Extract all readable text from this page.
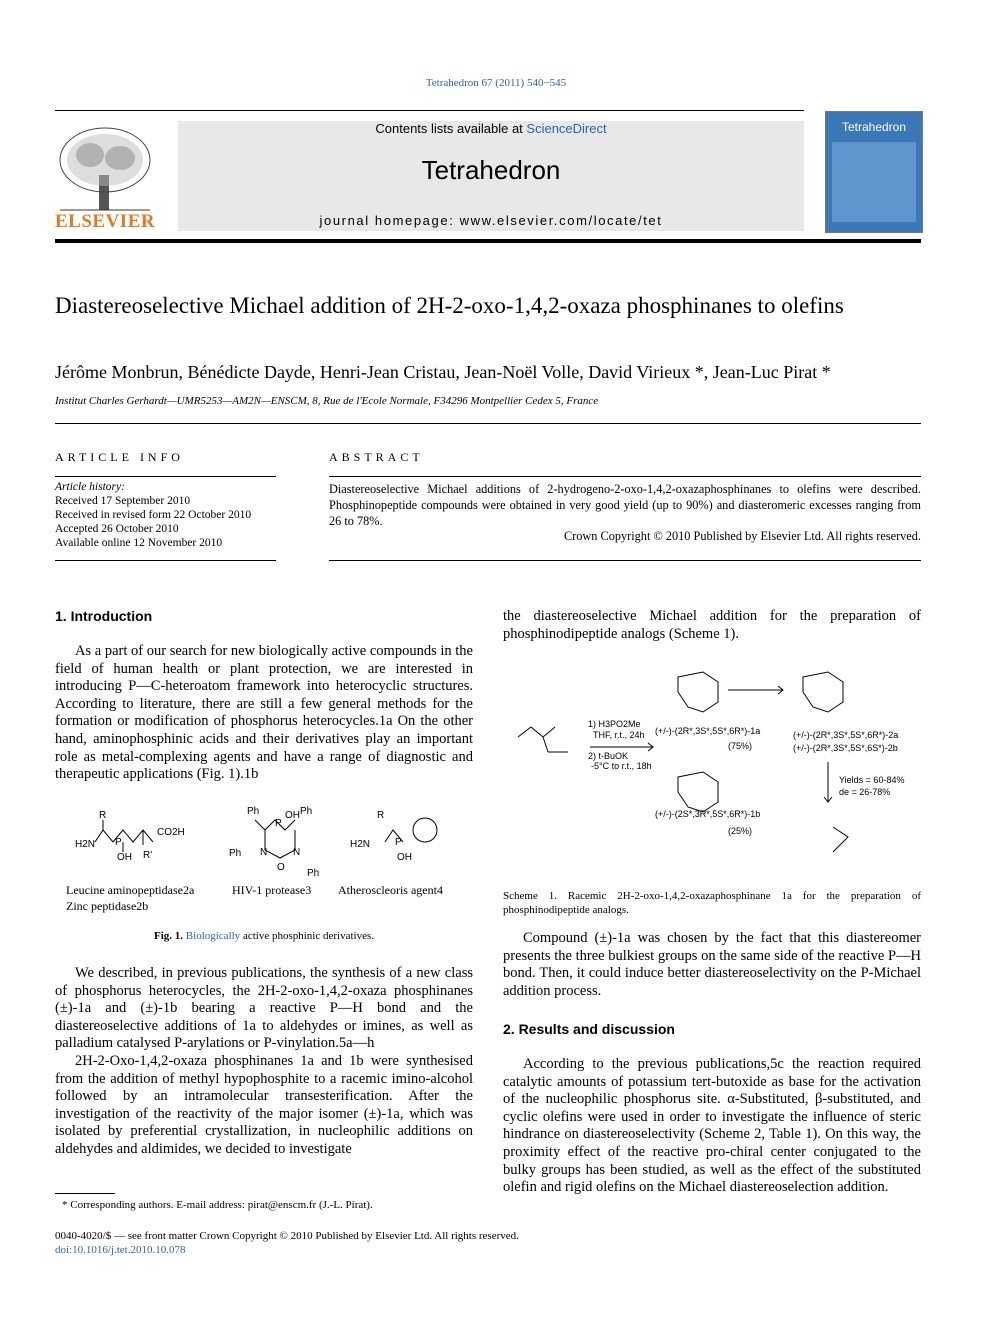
Tetrahedron 67 (2011) 540−545
ELSEVIER
Contents lists available at ScienceDirect
Tetrahedron
journal homepage: www.elsevier.com/locate/tet
Tetrahedron
Diastereoselective Michael addition of 2H-2-oxo-1,4,2-oxaza phosphinanes to olefins
Jérôme Monbrun, Bénédicte Dayde, Henri-Jean Cristau, Jean-Noël Volle, David Virieux *, Jean-Luc Pirat *
Institut Charles Gerhardt—UMR5253—AM2N—ENSCM, 8, Rue de l'Ecole Normale, F34296 Montpellier Cedex 5, France
ARTICLE INFO
Article history:
Received 17 September 2010
Received in revised form 22 October 2010
Accepted 26 October 2010
Available online 12 November 2010
ABSTRACT
Diastereoselective Michael additions of 2-hydrogeno-2-oxo-1,4,2-oxazaphosphinanes to olefins were described. Phosphinopeptide compounds were obtained in very good yield (up to 90%) and diasteromeric excesses ranging from 26 to 78%.
Crown Copyright © 2010 Published by Elsevier Ltd. All rights reserved.
1. Introduction
As a part of our search for new biologically active compounds in the field of human health or plant protection, we are interested in introducing P—C-heteroatom framework into heterocyclic structures. According to literature, there are still a few general methods for the formation or modification of phosphorus heterocycles.1a On the other hand, aminophosphinic acids and their derivatives play an important role as metal-complexing agents and have a range of diagnostic and therapeutic applications (Fig. 1).1b
R
H2N P
OH
CO2H
R'
Ph	Ph
P
OH
N	N
O
Ph
Ph
R
H2N P
OH
Leucine aminopeptidase2a
Zinc peptidase2b
HIV-1 protease3 Atheroscleoris agent4
Fig. 1. Biologically active phosphinic derivatives.
We described, in previous publications, the synthesis of a new class of phosphorus heterocycles, the 2H-2-oxo-1,4,2-oxaza phosphinanes (±)-1a and (±)-1b bearing a reactive P—H bond and the diastereoselective additions of 1a to aldehydes or imines, as well as palladium catalysed P-arylations or P-vinylation.5a—h
2H-2-Oxo-1,4,2-oxaza phosphinanes 1a and 1b were synthesised from the addition of methyl hypophosphite to a racemic imino-alcohol followed by an intramolecular transesterification. After the investigation of the reactivity of the major isomer (±)-1a, which was isolated by preferential crystallization, in nucleophilic additions on aldehydes and aldimides, we decided to investigate
the diastereoselective Michael addition for the preparation of phosphinodipeptide analogs (Scheme 1).
1) H3PO2Me
THF, r.t., 24h
2) t-BuOK
-5°C to r.t., 18h
(+/-)-(2R*,3S*,5S*,6R*)-1a
(75%)
(+/-)-(2S*,3R*,5S*,6R*)-1b
(25%)
(+/-)-(2R*,3S*,5S*,6R*)-2a
(+/-)-(2R*,3S*,5S*,6S*)-2b
Yields = 60-84%
de = 26-78%
Scheme 1. Racemic 2H-2-oxo-1,4,2-oxazaphosphinane 1a for the preparation of phosphinodipeptide analogs.
Compound (±)-1a was chosen by the fact that this diastereomer presents the three bulkiest groups on the same side of the reactive P—H bond. Then, it could induce better diastereoselectivity on the P-Michael addition process.
2. Results and discussion
According to the previous publications,5c the reaction required catalytic amounts of potassium tert-butoxide as base for the activation of the nucleophilic phosphorus site. α-Substituted, β-substituted, and cyclic olefins were used in order to investigate the influence of steric hindrance on diastereoselectivity (Scheme 2, Table 1). On this way, the proximity effect of the reactive pro-chiral center conjugated to the bulky groups has been studied, as well as the effect of the substituted olefin and rigid olefins on the Michael diastereoselection addition.
* Corresponding authors. E-mail address: pirat@enscm.fr (J.-L. Pirat).
0040-4020/$ — see front matter Crown Copyright © 2010 Published by Elsevier Ltd. All rights reserved.
doi:10.1016/j.tet.2010.10.078
